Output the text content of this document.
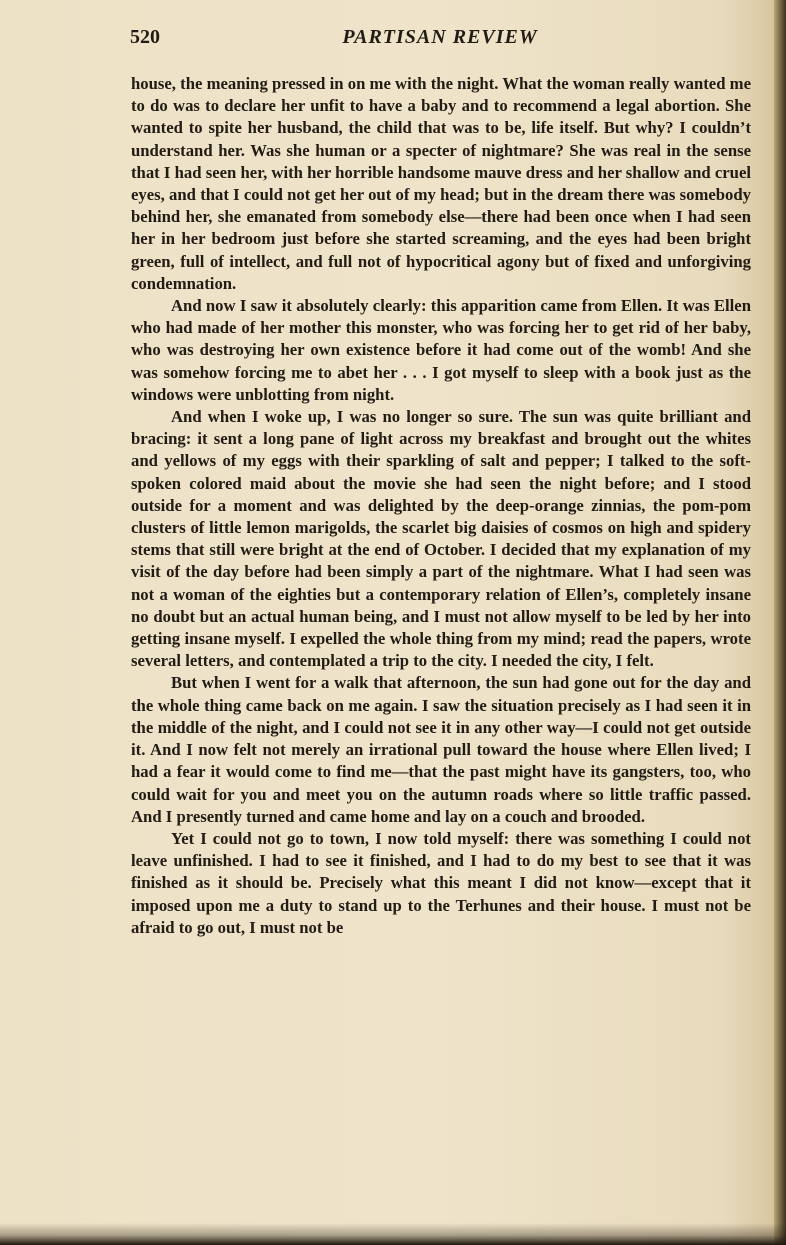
520	PARTISAN REVIEW

house, the meaning pressed in on me with the night. What the woman really wanted me to do was to declare her unfit to have a baby and to recommend a legal abortion. She wanted to spite her husband, the child that was to be, life itself. But why? I couldn’t understand her. Was she human or a specter of nightmare? She was real in the sense that I had seen her, with her horrible handsome mauve dress and her shallow and cruel eyes, and that I could not get her out of my head; but in the dream there was somebody behind her, she emanated from somebody else—there had been once when I had seen her in her bedroom just before she started screaming, and the eyes had been bright green, full of intellect, and full not of hypocritical agony but of fixed and unforgiving condemnation.

And now I saw it absolutely clearly: this apparition came from Ellen. It was Ellen who had made of her mother this monster, who was forcing her to get rid of her baby, who was destroying her own existence before it had come out of the womb! And she was somehow forcing me to abet her . . . I got myself to sleep with a book just as the windows were unblotting from night.

And when I woke up, I was no longer so sure. The sun was quite brilliant and bracing: it sent a long pane of light across my breakfast and brought out the whites and yellows of my eggs with their sparkling of salt and pepper; I talked to the soft-spoken colored maid about the movie she had seen the night before; and I stood outside for a moment and was delighted by the deep-orange zinnias, the pom-pom clusters of little lemon marigolds, the scarlet big daisies of cosmos on high and spidery stems that still were bright at the end of October. I decided that my explanation of my visit of the day before had been simply a part of the nightmare. What I had seen was not a woman of the eighties but a contemporary relation of Ellen’s, completely insane no doubt but an actual human being, and I must not allow myself to be led by her into getting insane myself. I expelled the whole thing from my mind; read the papers, wrote several letters, and contemplated a trip to the city. I needed the city, I felt.

But when I went for a walk that afternoon, the sun had gone out for the day and the whole thing came back on me again. I saw the situation precisely as I had seen it in the middle of the night, and I could not see it in any other way—I could not get outside it. And I now felt not merely an irrational pull toward the house where Ellen lived; I had a fear it would come to find me—that the past might have its gangsters, too, who could wait for you and meet you on the autumn roads where so little traffic passed. And I presently turned and came home and lay on a couch and brooded.

Yet I could not go to town, I now told myself: there was something I could not leave unfinished. I had to see it finished, and I had to do my best to see that it was finished as it should be. Precisely what this meant I did not know—except that it imposed upon me a duty to stand up to the Terhunes and their house. I must not be afraid to go out, I must not be
